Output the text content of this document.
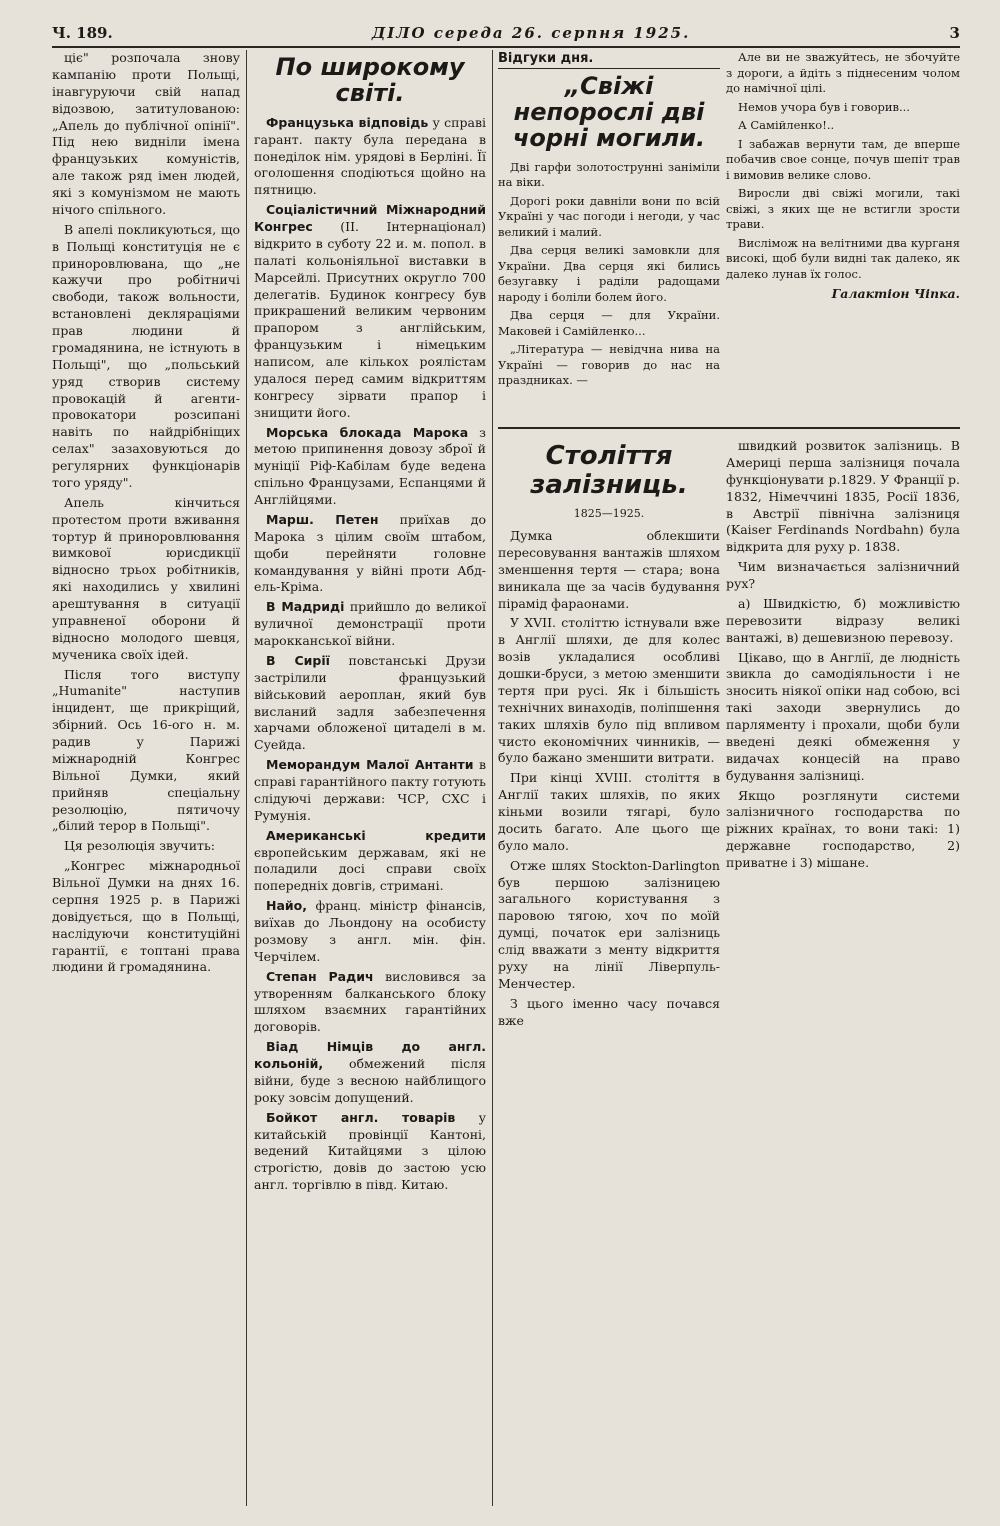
Ч. 189.	ДІЛО середа 26. серпня 1925.	3

ціє" розпочала знову кампанію проти Польщі, інавгуруючи свій напад відозвою, затитулованою: „Апель до публічної опінії". Під нею видніли імена французьких комуністів, але також ряд імен людей, які з комунізмом не мають нічого спільного.

В апелі покликуються, що в Польщі конституція не є приноровлювана, що „не кажучи про робітничі свободи, також вольности, встановлені декляраціями прав людини й громадянина, не істнують в Польщі", що „польський уряд створив систему провокацій й агенти-провокатори розсипані навіть по найдрібніщих селах" зазаховуються до регулярних функціонарів того уряду".

Апель кінчиться протестом проти вживання тортур й приноровлювання вимкової юрисдикції відносно трьох робітників, які находились у хвилині арештування в ситуації управненої оборони й відносно молодого шевця, мученика своїх ідей.

Після того виступу „Humanite" наступив інцидент, ще прикріщий, збірний. Ось 16-ого н. м. радив у Парижі міжнародній Конгрес Вільної Думки, який прийняв спеціальну резолюцію, пятичочу „білий терор в Польщі".

Ця резолюція звучить:

„Конгрес міжнародньої Вільної Думки на днях 16. серпня 1925 р. в Парижі довідується, що в Польщі, наслідуючи конституційні гарантії, є топтані права людини й громадянина.

По широкому світі.

Французька відповідь у справі гарант. пакту була передана в понеділок нім. урядові в Берліні. Її оголошення сподіються щойно на пятницю.

Соціалістичний Міжнародний Конгрес (II. Інтернаціонал) відкрито в суботу 22 и. м. попол. в палаті кольоніяльної виставки в Марсейлі. Присутних округло 700 делегатів. Будинок конгресу був прикрашений великим червоним прапором з англійським, французьким і німецьким написом, але кількох роялістам удалося перед самим відкриттям конгресу зірвати прапор і знищити його.

Морська блокада Марока з метою припинення довозу зброї й муніції Ріф-Кабілам буде ведена спільно Французами, Еспанцями й Англійцями.

Марш. Петен приїхав до Марока з цілим своїм штабом, щоби перейняти головне командування у війні проти Абд-ель-Кріма.

В Мадриді прийшло до великої вуличної демонстрації проти марокканської війни.

В Сирії повстанські Друзи застрілили французький військовий аероплан, який був висланий задля забезпечення харчами обложеної цитаделі в м. Суейда.

Меморандум Малої Антанти в справі гарантійного пакту готують слідуючі держави: ЧСР, СХС і Румунія.

Американські кредити європейським державам, які не поладили досі справи своїх попередніх довгів, стримані.

Найо, франц. міністр фінансів, виїхав до Льондону на особисту розмову з англ. мін. фін. Черчілем.

Степан Радич висловився за утворенням балканського блоку шляхом взаємних гарантійних договорів.

Віад Німців до англ. кольоній, обмежений після війни, буде з весною найблищого року зовсім допущений.

Бойкот англ. товарів у китайській провінції Кантоні, ведений Китайцями з цілою строгістю, довів до застою усю англ. торгівлю в півд. Китаю.

Відгуки дня.
„Свіжі непорослі дві чорні могили.

Дві гарфи золотострунні заніміли на віки.

Дорогі роки давніли вони по всій Україні у час погоди і негоди, у час великий і малий.

Два серця великі замовкли для України. Два серця які бились безугавку і раділи радощами народу і боліли болем його.

Два серця — для України. Маковей і Самійленко...

„Література — невідчна нива на Україні — говорив до нас на праздниках. —

Але ви не зважуйтесь, не збочуйте з дороги, а йдіть з піднесеним чолом до намічної цілі.

Немов учора був і говорив...

А Самійленко!..

І забажав вернути там, де вперше побачив свое сонце, почув шепіт трав і вимовив велике слово.

Виросли дві свіжі могили, такі свіжі, з яких ще не встигли зрости трави.

Вислімож на велітними два курганя високі, щоб були видні так далеко, як далеко лунав їх голос.

Галактіон Чіпка.
Століття залізниць.
1825—1925.

Думка облекшити пересовування вантажів шляхом зменшення тертя — стара; вона виникала ще за часів будування пірамід фараонами.

У XVII. століттю істнували вже в Англії шляхи, де для колес возів укладалися особливі дошки-бруси, з метою зменшити тертя при русі. Як і більшість технічних винаходів, поліпшення таких шляхів було під впливом чисто економічних чинників, — було бажано зменшити витрати.

При кінці XVIII. століття в Англії таких шляхів, по яких кіньми возили тягарі, було досить багато. Але цього ще було мало.

Отже шлях Stockton-Darlington був першою залізницею загального користування з паровою тягою, хоч по моїй думці, початок ери залізниць слід вважати з менту відкриття руху на лінії Ліверпуль-Менчестер.

З цього іменно часу почався вже

швидкий розвиток залізниць. В Америці перша залізниця почала функціонувати р.1829. У Франції р. 1832, Німеччині 1835, Росії 1836, в Австрії північна залізниця (Kaiser Ferdinands Nordbahn) була відкрита для руху р. 1838.

Чим визначається залізничний рух?

а) Швидкістю, б) можливістю перевозити відразу великі вантажі, в) дешевизною перевозу.

Цікаво, що в Англії, де людність звикла до самодіяльности і не зносить ніякої опіки над собою, всі такі заходи звернулись до парляменту і прохали, щоби були введені деякі обмеження у видачах концесій на право будування залізниці.

Якщо розглянути системи залізничного господарства по ріжних країнах, то вони такі: 1) державне господарство, 2) приватне і 3) мішане.
